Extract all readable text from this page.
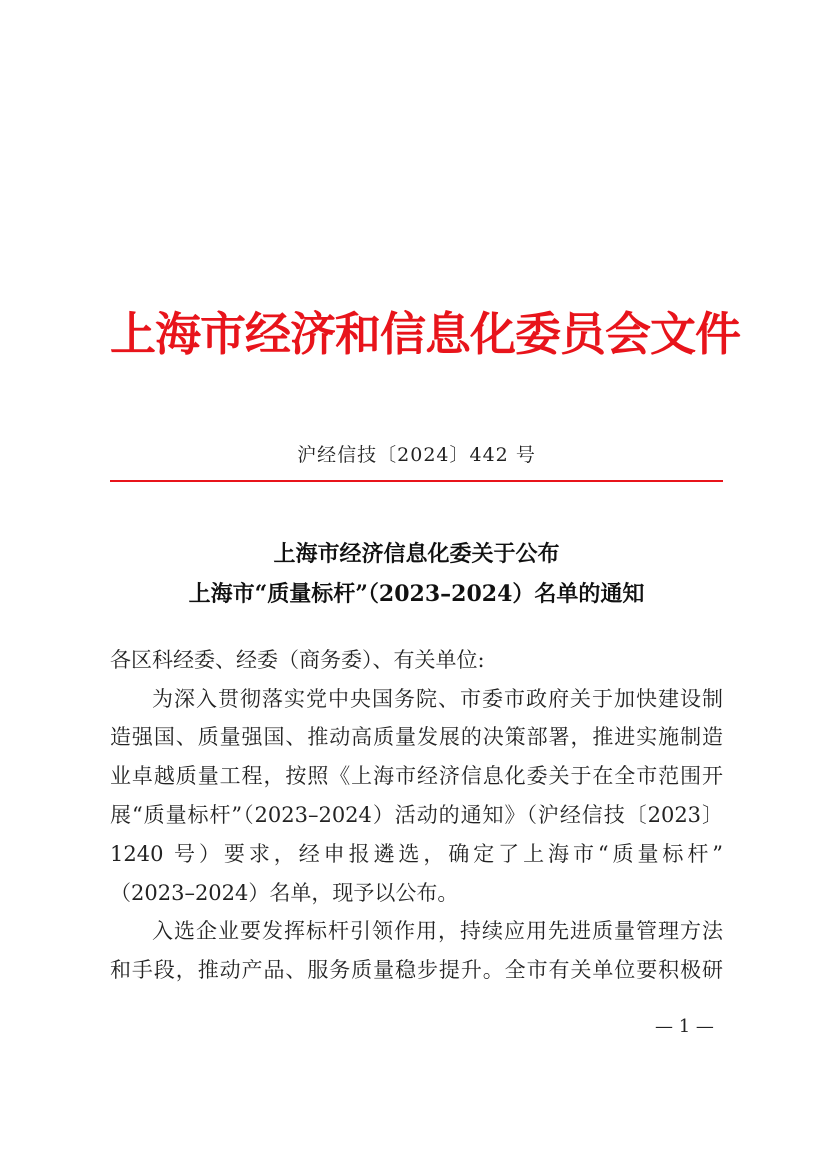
上海市经济和信息化委员会文件
沪经信技〔2024〕442 号
上海市经济信息化委关于公布
上海市“质量标杆”（2023–2024）名单的通知
各区科经委、经委（商务委）、有关单位:
为深入贯彻落实党中央国务院、市委市政府关于加快建设制
造强国、质量强国、推动高质量发展的决策部署，推进实施制造
业卓越质量工程，按照《上海市经济信息化委关于在全市范围开
展“质量标杆”（2023–2024）活动的通知》（沪经信技〔2023〕
1240 号）要求，经申报遴选，确定了上海市“质量标杆”
（2023–2024）名单，现予以公布。
入选企业要发挥标杆引领作用，持续应用先进质量管理方法
和手段，推动产品、服务质量稳步提升。全市有关单位要积极研
— 1 —
